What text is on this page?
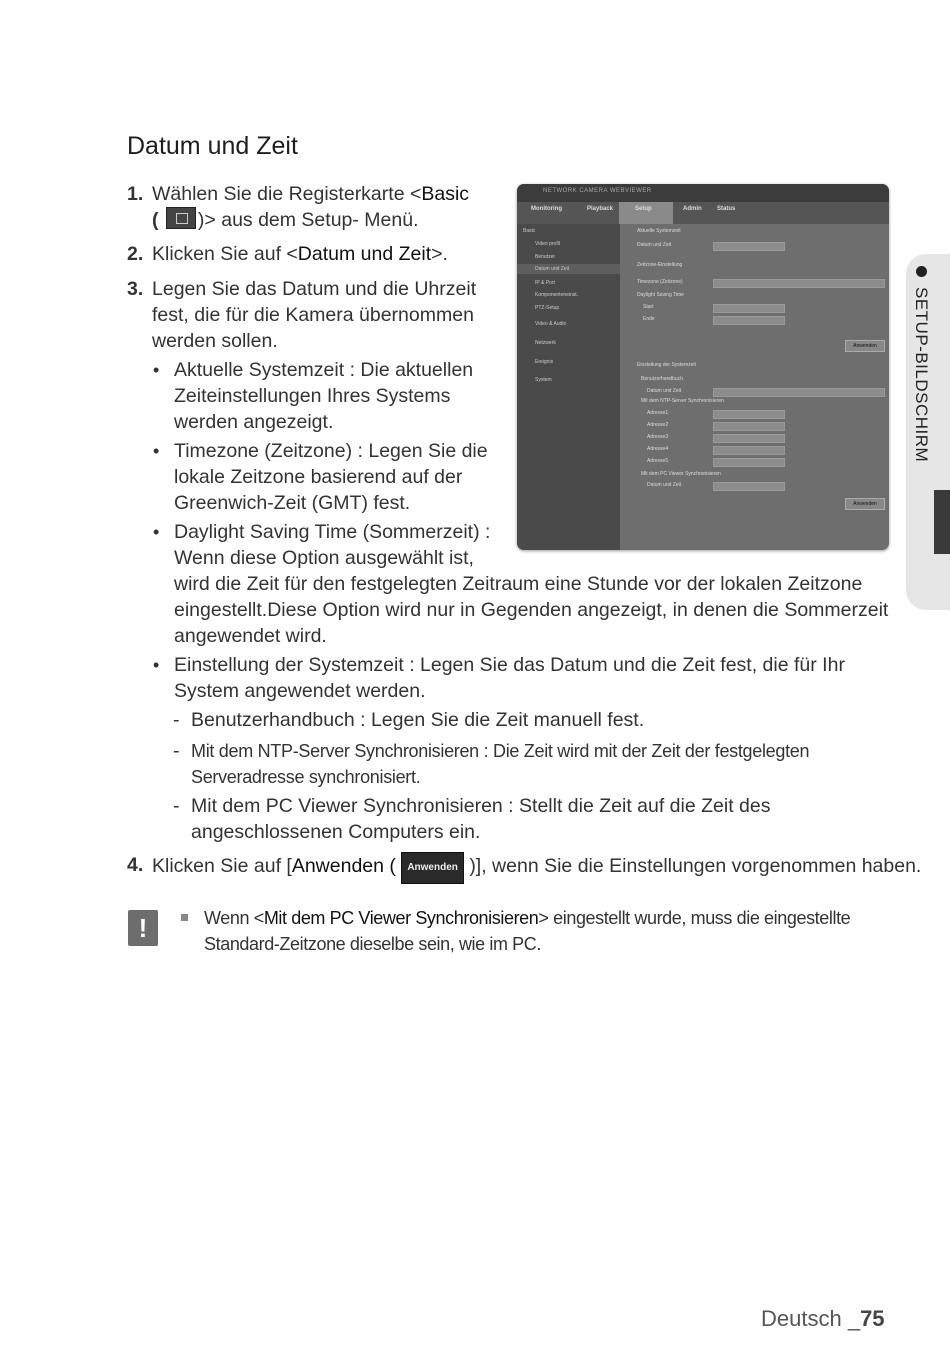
Datum und Zeit
1. Wählen Sie die Registerkarte <Basic
( )> aus dem Setup- Menü.
2. Klicken Sie auf <Datum und Zeit>.
3. Legen Sie das Datum und die Uhrzeit
fest, die für die Kamera übernommen
werden sollen.
• Aktuelle Systemzeit : Die aktuellen
Zeiteinstellungen Ihres Systems
werden angezeigt.
• Timezone (Zeitzone) : Legen Sie die
lokale Zeitzone basierend auf der
Greenwich-Zeit (GMT) fest.
• Daylight Saving Time (Sommerzeit) :
Wenn diese Option ausgewählt ist,
wird die Zeit für den festgelegten Zeitraum eine Stunde vor der lokalen Zeitzone
eingestellt.Diese Option wird nur in Gegenden angezeigt, in denen die Sommerzeit
angewendet wird.
• Einstellung der Systemzeit : Legen Sie das Datum und die Zeit fest, die für Ihr
System angewendet werden.
- Benutzerhandbuch : Legen Sie die Zeit manuell fest.
- Mit dem NTP-Server Synchronisieren : Die Zeit wird mit der Zeit der festgelegten
Serveradresse synchronisiert.
- Mit dem PC Viewer Synchronisieren : Stellt die Zeit auf die Zeit des
angeschlossenen Computers ein.
4. Klicken Sie auf [Anwenden ( Anwenden )], wenn Sie die Einstellungen vorgenommen haben.
!	Wenn <Mit dem PC Viewer Synchronisieren> eingestellt wurde, muss die eingestellte
Standard-Zeitzone dieselbe sein, wie im PC.
SETUP-BILDSCHIRM
NETWORK CAMERA WEBVIEWER
Monitoring	Playback	Setup	Admin	Status
Basic
Video profil
Benutzer
Datum und Zeit
IP & Port
Komponenteneinst.
PTZ-Setup
Video & Audio
Netzwerk
Ereignis
System
Aktuelle Systemzeit
Datum und Zeit
Zeitzone-Einstellung
Timezone (Zeitzone)
Daylight Saving Time
Start
Ende
Anwenden
Einstellung der Systemzeit
Benutzerhandbuch
Datum und Zeit
Mit dem NTP-Server Synchronisieren
Adresse1
Adresse2
Adresse3
Adresse4
Adresse5
Mit dem PC Viewer Synchronisieren
Datum und Zeit
Anwenden
Deutsch _75
